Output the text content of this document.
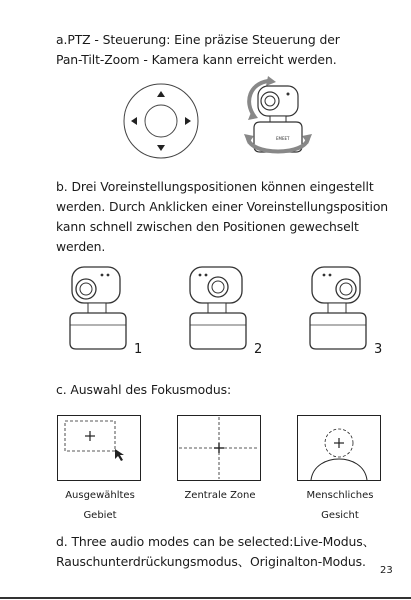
a.PTZ - Steuerung: Eine präzise Steuerung der
Pan-Tilt-Zoom - Kamera kann erreicht werden.
EMEET
b. Drei Voreinstellungspositionen können eingestellt
werden. Durch Anklicken einer Voreinstellungsposition
kann schnell zwischen den Positionen gewechselt
werden.
1	2	3
c. Auswahl des Fokusmodus:
Ausgewähltes
Gebiet
Zentrale Zone	Menschliches
Gesicht
d. Three audio modes can be selected:Live-Modus、
Rauschunterdrückungsmodus、Originalton-Modus.
23
